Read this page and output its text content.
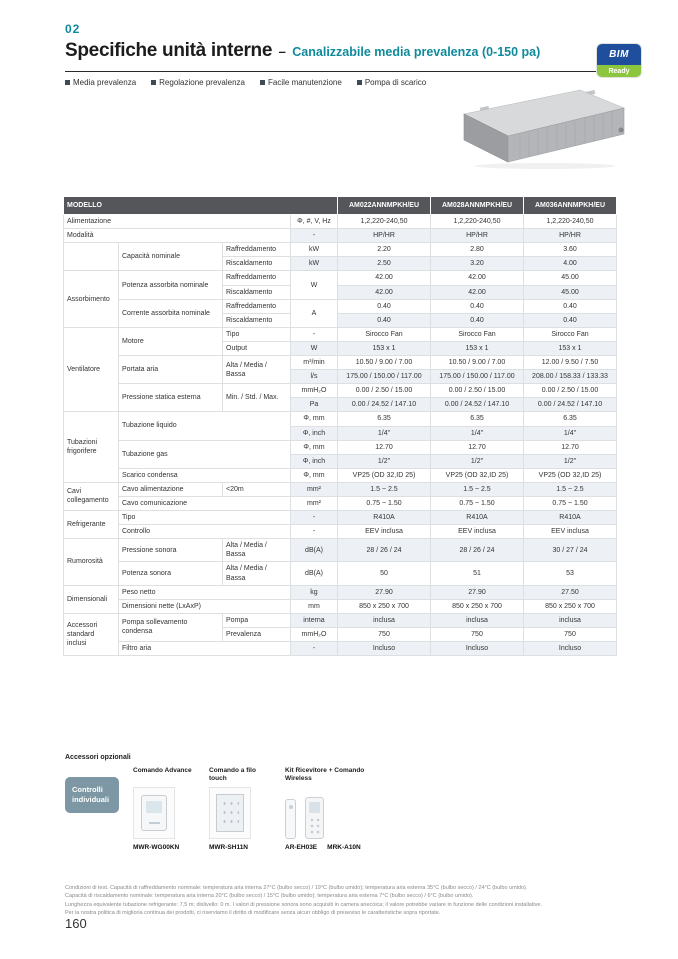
02
Specifiche unità interne – Canalizzabile media prevalenza (0-150 pa)	BIM
Ready
Media prevalenza	Regolazione prevalenza	Facile manutenzione	Pompa di scarico
MODELLO				AM022ANNMPKH/EU	AM028ANNMPKH/EU	AM036ANNMPKH/EU
Alimentazione			Φ, #, V, Hz	1,2,220-240,50	1,2,220-240,50	1,2,220-240,50
Modalità			-	HP/HR	HP/HR	HP/HR
	Capacità nominale	Raffreddamento	kW	2.20	2.80	3.60
		Riscaldamento	kW	2.50	3.20	4.00
Assorbimento	Potenza assorbita nominale	Raffreddamento	W	42.00	42.00	45.00
		Riscaldamento		42.00	42.00	45.00
	Corrente assorbita nominale	Raffreddamento	A	0.40	0.40	0.40
		Riscaldamento		0.40	0.40	0.40
Ventilatore	Motore	Tipo	-	Sirocco Fan	Sirocco Fan	Sirocco Fan
		Output	W	153 x 1	153 x 1	153 x 1
	Portata aria	Alta / Media / Bassa	m³/min	10.50 / 9.00 / 7.00	10.50 / 9.00 / 7.00	12.00 / 9.50 / 7.50
			l/s	175.00 / 150.00 / 117.00	175.00 / 150.00 / 117.00	208.00 / 158.33 / 133.33
	Pressione statica esterna	Min. / Std. / Max.	mmH₂O	0.00 / 2.50 / 15.00	0.00 / 2.50 / 15.00	0.00 / 2.50 / 15.00
			Pa	0.00 / 24.52 / 147.10	0.00 / 24.52 / 147.10	0.00 / 24.52 / 147.10
Tubazioni frigorifere	Tubazione liquido		Φ, mm	6.35	6.35	6.35
			Φ, inch	1/4"	1/4"	1/4"
	Tubazione gas		Φ, mm	12.70	12.70	12.70
			Φ, inch	1/2"	1/2"	1/2"
	Scarico condensa		Φ, mm	VP25 (OD 32,ID 25)	VP25 (OD 32,ID 25)	VP25 (OD 32,ID 25)
Cavi collegamento	Cavo alimentazione	<20m	mm²	1.5 ~ 2.5	1.5 ~ 2.5	1.5 ~ 2.5
	Cavo comunicazione		mm²	0.75 ~ 1.50	0.75 ~ 1.50	0.75 ~ 1.50
Refrigerante	Tipo		-	R410A	R410A	R410A
	Controllo		-	EEV inclusa	EEV inclusa	EEV inclusa
Rumorosità	Pressione sonora	Alta / Media / Bassa	dB(A)	28 / 26 / 24	28 / 26 / 24	30 / 27 / 24
	Potenza sonora	Alta / Media / Bassa	dB(A)	50	51	53
Dimensionali	Peso netto		kg	27.90	27.90	27.50
	Dimensioni nette (LxAxP)		mm	850 x 250 x 700	850 x 250 x 700	850 x 250 x 700
Accessori standard inclusi	Pompa sollevamento condensa	Pompa	interna	inclusa	inclusa	inclusa
		Prevalenza	mmH₂O	750	750	750
	Filtro aria		-	Incluso	Incluso	Incluso
Accessori opzionali
Controlli individuali
Comando Advance
MWR-WG00KN
Comando a filo touch
MWR-SH11N
Kit Ricevitore + Comando Wireless
AR-EH03E MRK-A10N
Condizioni di test. Capacità di raffreddamento nominale: temperatura aria interna 27°C (bulbo secco) / 19°C (bulbo umido); temperatura aria esterna 35°C (bulbo secco) / 24°C (bulbo umido).
Capacità di riscaldamento nominale: temperatura aria interna 20°C (bulbo secco) / 15°C (bulbo umido); temperatura aria esterna 7°C (bulbo secco) / 6°C (bulbo umido).
Lunghezza equivalente tubazione refrigerante: 7,5 m; dislivello: 0 m. I valori di pressione sonora sono acquisiti in camera anecoica; il valore potrebbe variare in funzione delle condizioni installative.
Per la nostra politica di miglioria continua dei prodotti, ci riserviamo il diritto di modificare senza alcun obbligo di preavviso le caratteristiche sopra riportate.
160
